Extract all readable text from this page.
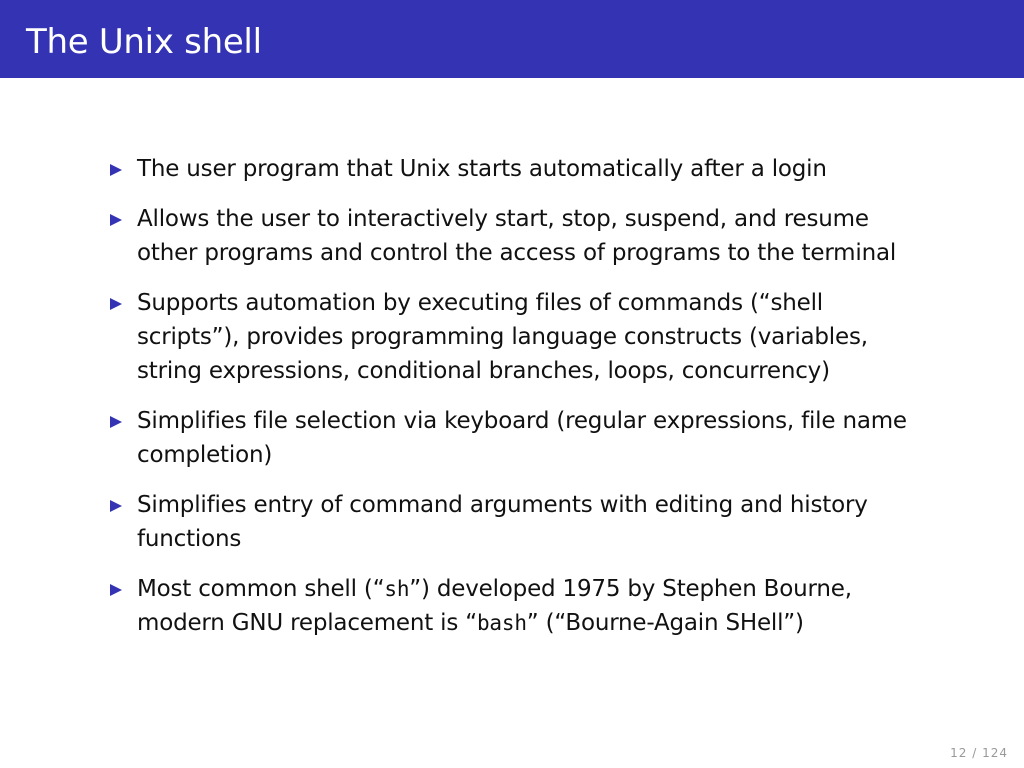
The Unix shell
The user program that Unix starts automatically after a login
Allows the user to interactively start, stop, suspend, and resume
other programs and control the access of programs to the terminal
Supports automation by executing files of commands (“shell
scripts”), provides programming language constructs (variables,
string expressions, conditional branches, loops, concurrency)
Simplifies file selection via keyboard (regular expressions, file name
completion)
Simplifies entry of command arguments with editing and history
functions
Most common shell (“sh”) developed 1975 by Stephen Bourne,
modern GNU replacement is “bash” (“Bourne-Again SHell”)
12 / 124
